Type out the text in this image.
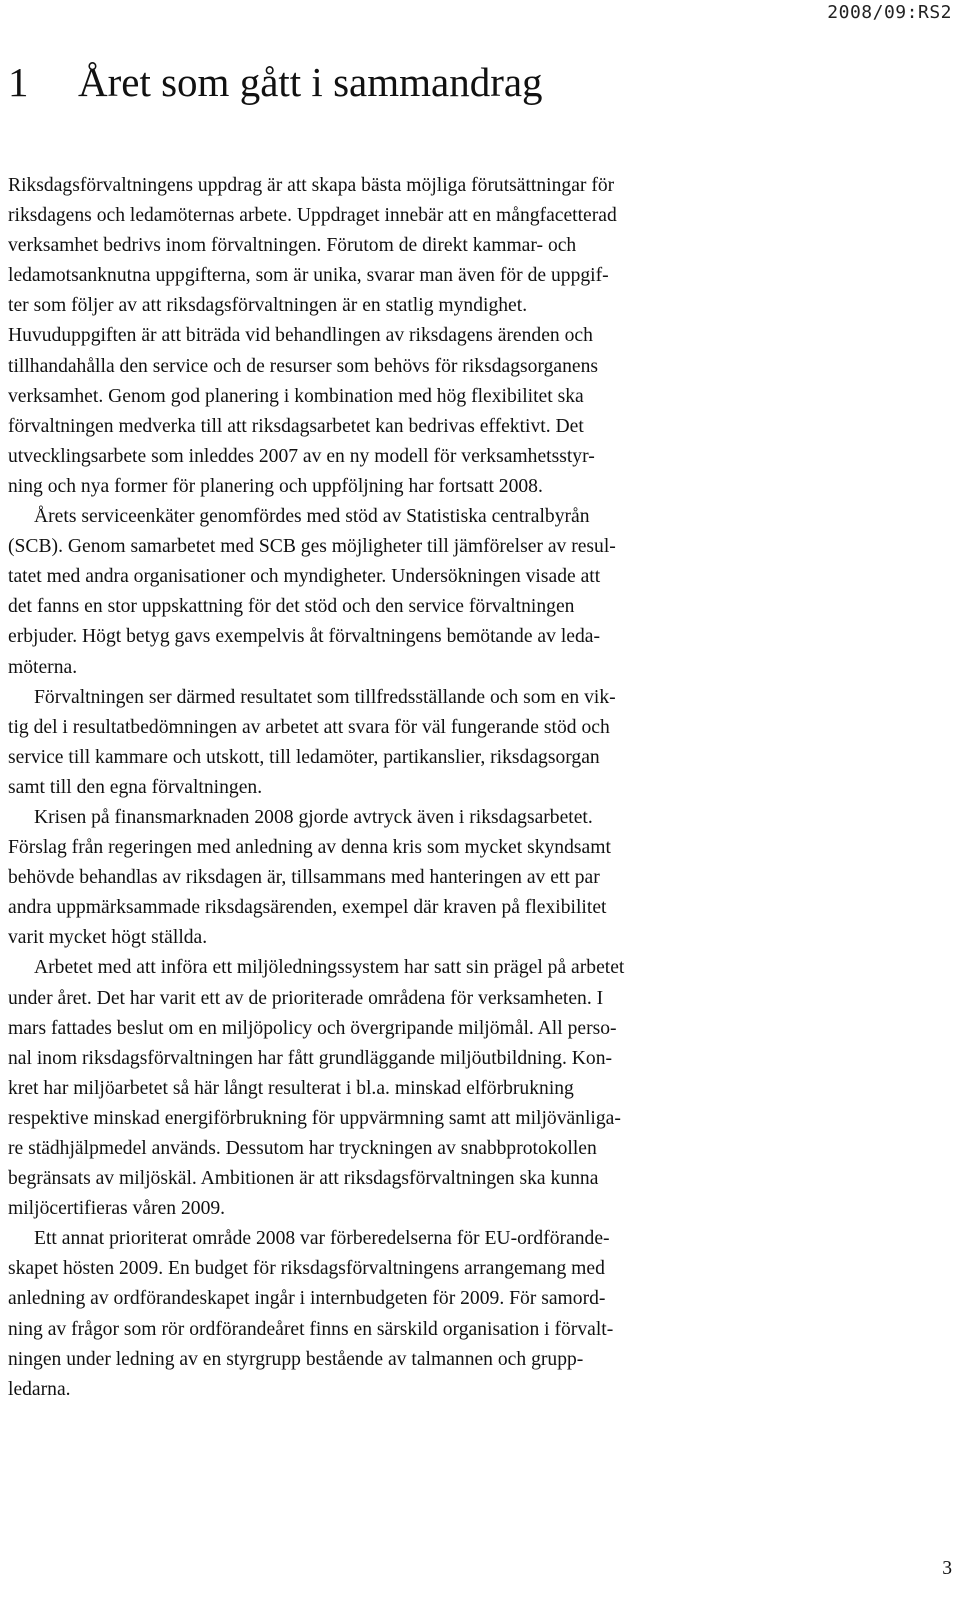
2008/09:RS2
1 Året som gått i sammandrag

Riksdagsförvaltningens uppdrag är att skapa bästa möjliga förutsättningar för
riksdagens och ledamöternas arbete. Uppdraget innebär att en mångfacetterad
verksamhet bedrivs inom förvaltningen. Förutom de direkt kammar- och
ledamotsanknutna uppgifterna, som är unika, svarar man även för de uppgif-
ter som följer av att riksdagsförvaltningen är en statlig myndighet.

Huvuduppgiften är att biträda vid behandlingen av riksdagens ärenden och
tillhandahålla den service och de resurser som behövs för riksdagsorganens
verksamhet. Genom god planering i kombination med hög flexibilitet ska
förvaltningen medverka till att riksdagsarbetet kan bedrivas effektivt. Det
utvecklingsarbete som inleddes 2007 av en ny modell för verksamhetsstyr-
ning och nya former för planering och uppföljning har fortsatt 2008.

Årets serviceenkäter genomfördes med stöd av Statistiska centralbyrån
(SCB). Genom samarbetet med SCB ges möjligheter till jämförelser av resul-
tatet med andra organisationer och myndigheter. Undersökningen visade att
det fanns en stor uppskattning för det stöd och den service förvaltningen
erbjuder. Högt betyg gavs exempelvis åt förvaltningens bemötande av leda-
möterna.

Förvaltningen ser därmed resultatet som tillfredsställande och som en vik-
tig del i resultatbedömningen av arbetet att svara för väl fungerande stöd och
service till kammare och utskott, till ledamöter, partikanslier, riksdagsorgan
samt till den egna förvaltningen.

Krisen på finansmarknaden 2008 gjorde avtryck även i riksdagsarbetet.
Förslag från regeringen med anledning av denna kris som mycket skyndsamt
behövde behandlas av riksdagen är, tillsammans med hanteringen av ett par
andra uppmärksammade riksdagsärenden, exempel där kraven på flexibilitet
varit mycket högt ställda.

Arbetet med att införa ett miljöledningssystem har satt sin prägel på arbetet
under året. Det har varit ett av de prioriterade områdena för verksamheten. I
mars fattades beslut om en miljöpolicy och övergripande miljömål. All perso-
nal inom riksdagsförvaltningen har fått grundläggande miljöutbildning. Kon-
kret har miljöarbetet så här långt resulterat i bl.a. minskad elförbrukning
respektive minskad energiförbrukning för uppvärmning samt att miljövänliga-
re städhjälpmedel används. Dessutom har tryckningen av snabbprotokollen
begränsats av miljöskäl. Ambitionen är att riksdagsförvaltningen ska kunna
miljöcertifieras våren 2009.

Ett annat prioriterat område 2008 var förberedelserna för EU-ordförande-
skapet hösten 2009. En budget för riksdagsförvaltningens arrangemang med
anledning av ordförandeskapet ingår i internbudgeten för 2009. För samord-
ning av frågor som rör ordförandeåret finns en särskild organisation i förvalt-
ningen under ledning av en styrgrupp bestående av talmannen och grupp-
ledarna.

3
